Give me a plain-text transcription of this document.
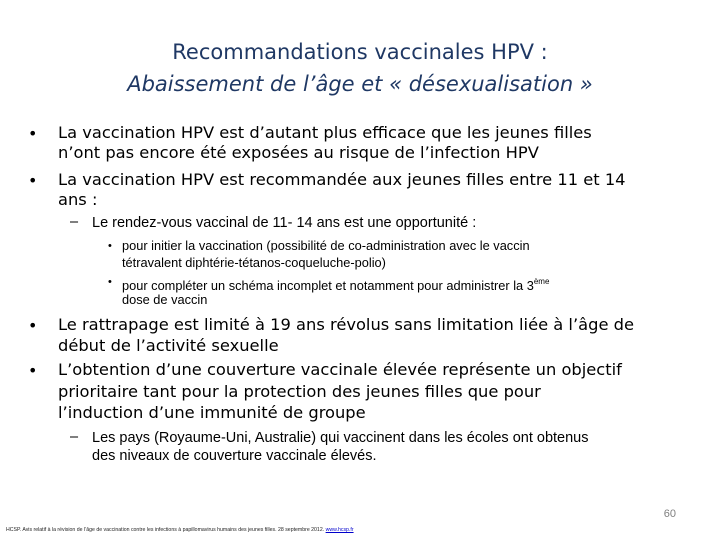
Recommandations vaccinales HPV :
Abaissement de l’âge et « désexualisation »
• La vaccination HPV est d’autant plus efficace que les jeunes filles
n’ont pas encore été exposées au risque de l’infection HPV
• La vaccination HPV est recommandée aux jeunes filles entre 11 et 14
ans :
– Le rendez-vous vaccinal de 11- 14 ans est une opportunité :
• pour initier la vaccination (possibilité de co-administration avec le vaccin
tétravalent diphtérie-tétanos-coqueluche-polio)
• pour compléter un schéma incomplet et notamment pour administrer la 3ème
dose de vaccin
• Le rattrapage est limité à 19 ans révolus sans limitation liée à l’âge de
début de l’activité sexuelle
• L’obtention d’une couverture vaccinale élevée représente un objectif
prioritaire tant pour la protection des jeunes filles que pour
l’induction d’une immunité de groupe
– Les pays (Royaume-Uni, Australie) qui vaccinent dans les écoles ont obtenus
des niveaux de couverture vaccinale élevés.
60
HCSP. Avis relatif à la révision de l’âge de vaccination contre les infections à papillomavirus humains des jeunes filles. 28 septembre 2012. www.hcsp.fr
